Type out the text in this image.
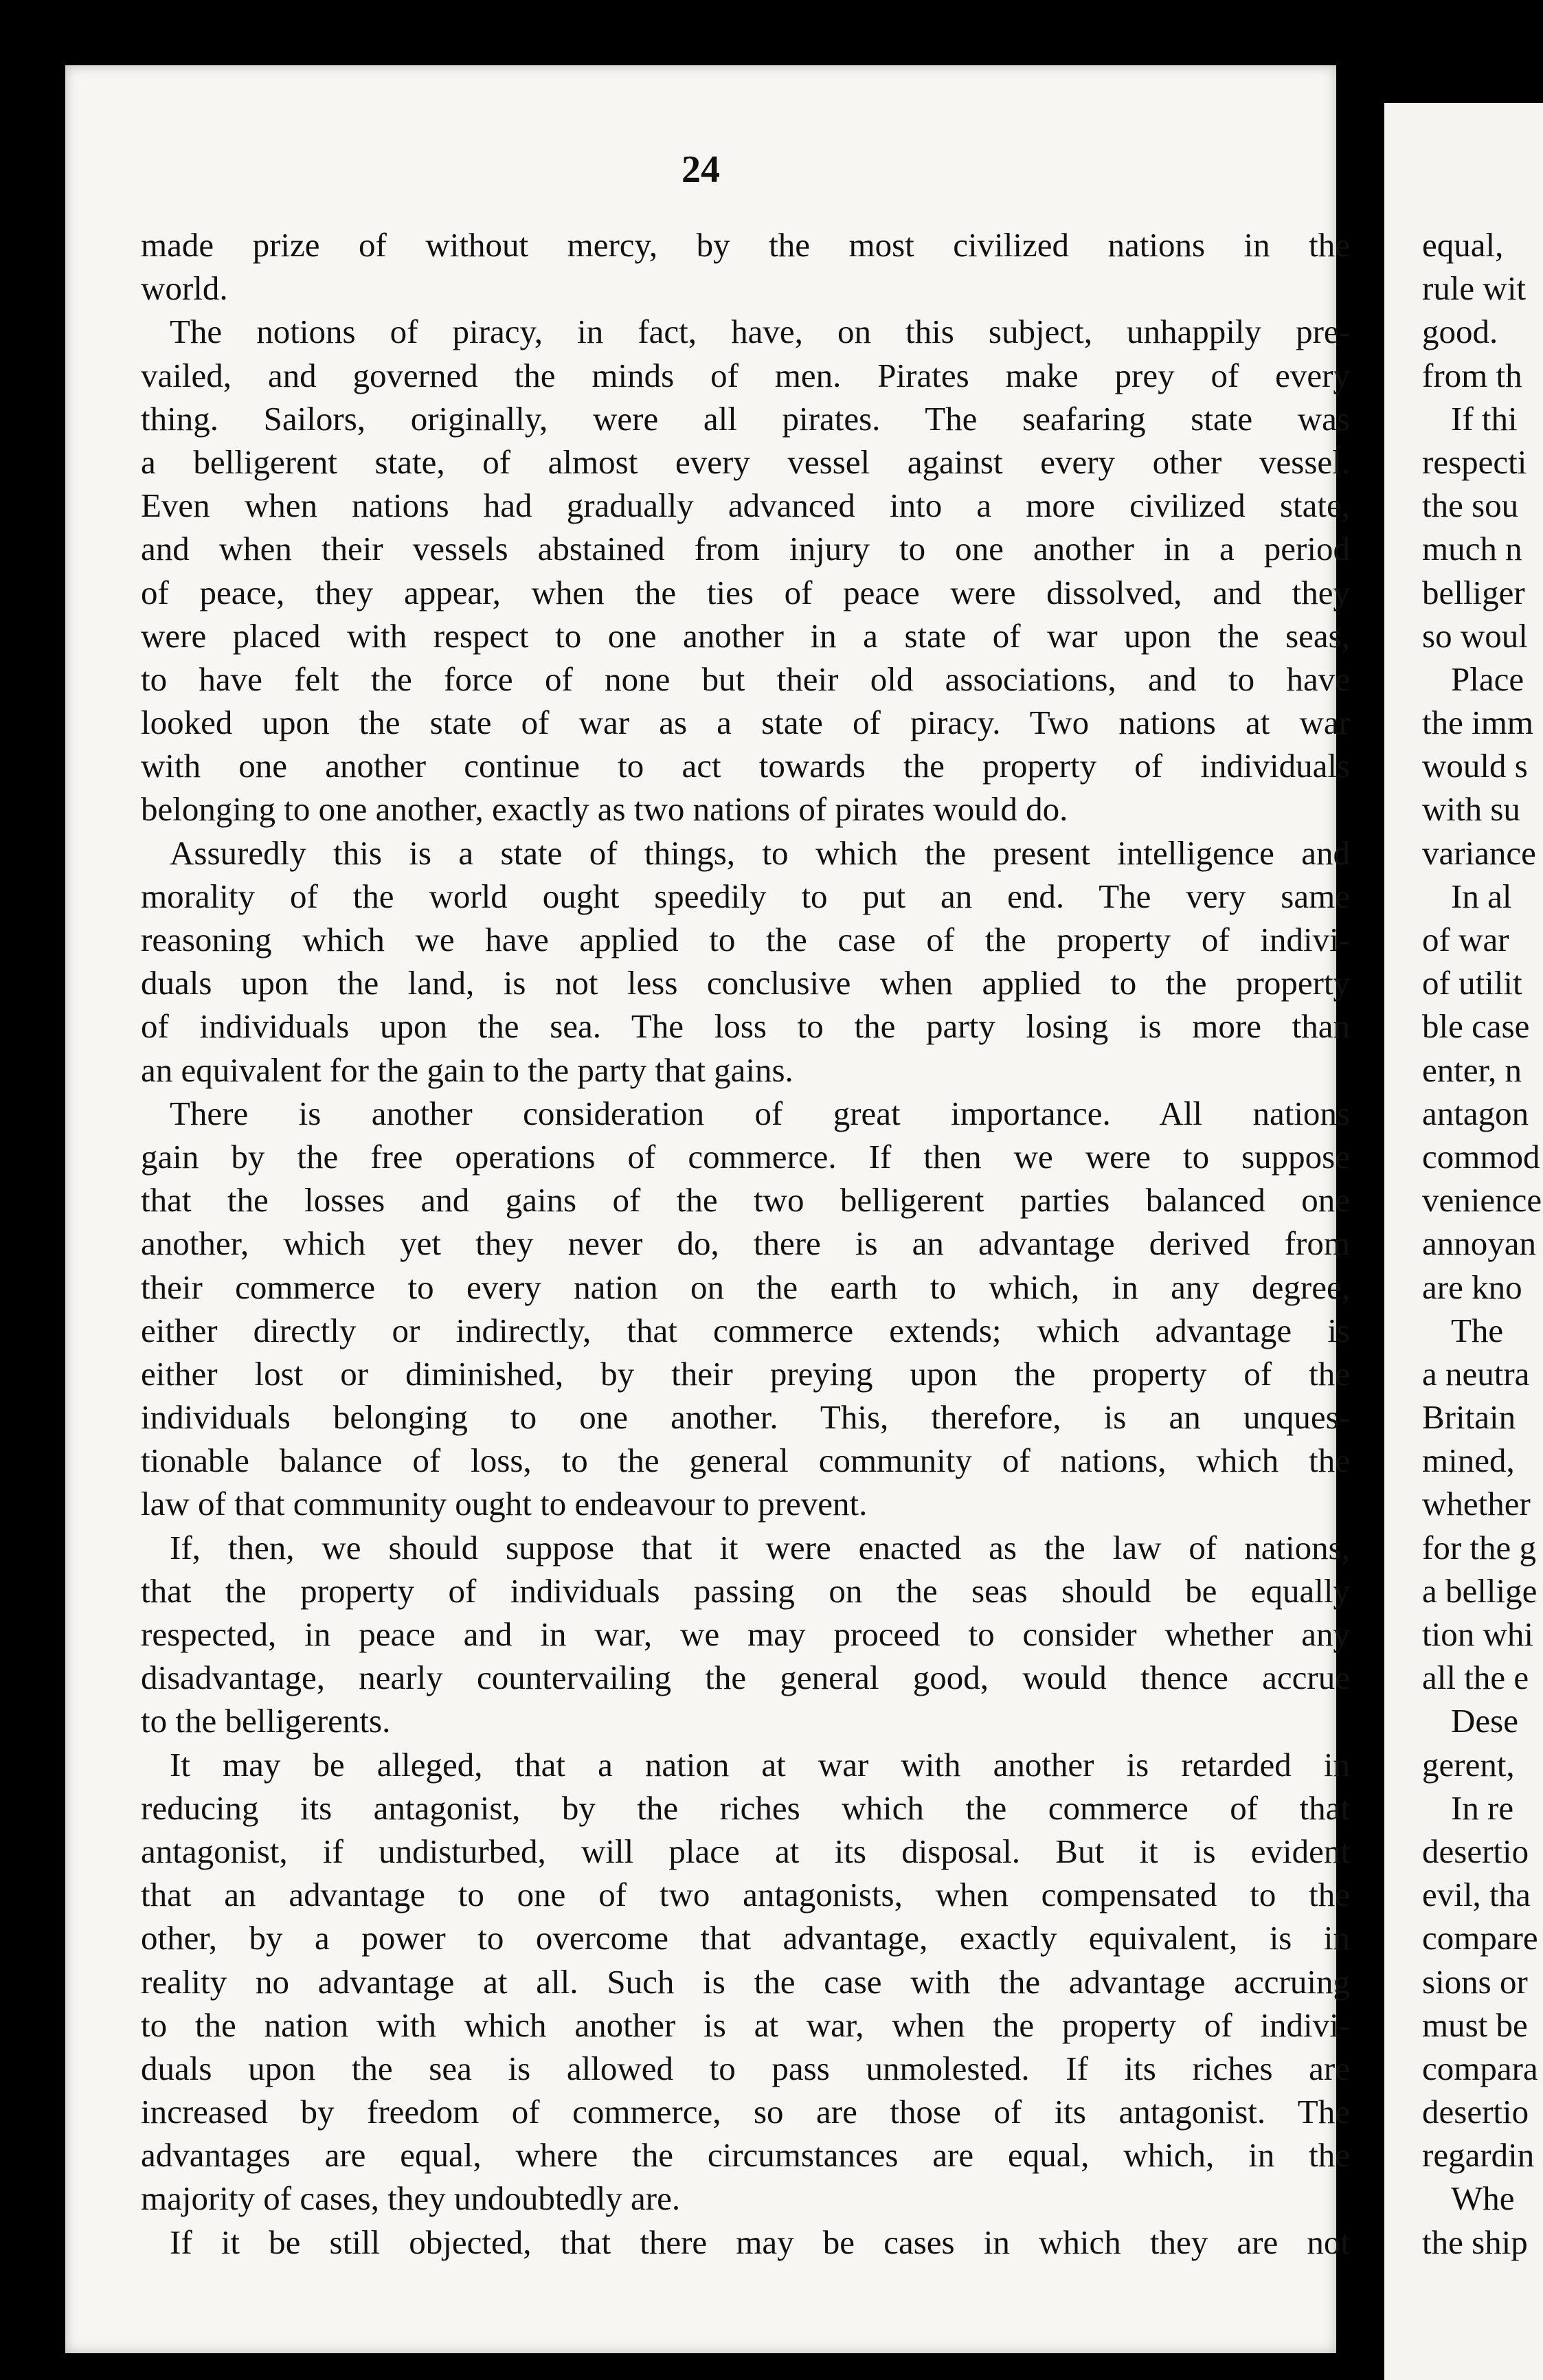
24
made prize of without mercy, by the most civilized nations in the
world.
The notions of piracy, in fact, have, on this subject, unhappily pre-
vailed, and governed the minds of men. Pirates make prey of every
thing. Sailors, originally, were all pirates. The seafaring state was
a belligerent state, of almost every vessel against every other vessel.
Even when nations had gradually advanced into a more civilized state,
and when their vessels abstained from injury to one another in a period
of peace, they appear, when the ties of peace were dissolved, and they
were placed with respect to one another in a state of war upon the seas,
to have felt the force of none but their old associations, and to have
looked upon the state of war as a state of piracy. Two nations at war
with one another continue to act towards the property of individuals
belonging to one another, exactly as two nations of pirates would do.
Assuredly this is a state of things, to which the present intelligence and
morality of the world ought speedily to put an end. The very same
reasoning which we have applied to the case of the property of indivi-
duals upon the land, is not less conclusive when applied to the property
of individuals upon the sea. The loss to the party losing is more than
an equivalent for the gain to the party that gains.
There is another consideration of great importance. All nations
gain by the free operations of commerce. If then we were to suppose
that the losses and gains of the two belligerent parties balanced one
another, which yet they never do, there is an advantage derived from
their commerce to every nation on the earth to which, in any degree,
either directly or indirectly, that commerce extends; which advantage is
either lost or diminished, by their preying upon the property of the
individuals belonging to one another. This, therefore, is an unques-
tionable balance of loss, to the general community of nations, which the
law of that community ought to endeavour to prevent.
If, then, we should suppose that it were enacted as the law of nations,
that the property of individuals passing on the seas should be equally
respected, in peace and in war, we may proceed to consider whether any
disadvantage, nearly countervailing the general good, would thence accrue
to the belligerents.
It may be alleged, that a nation at war with another is retarded in
reducing its antagonist, by the riches which the commerce of that
antagonist, if undisturbed, will place at its disposal. But it is evident
that an advantage to one of two antagonists, when compensated to the
other, by a power to overcome that advantage, exactly equivalent, is in
reality no advantage at all. Such is the case with the advantage accruing
to the nation with which another is at war, when the property of indivi-
duals upon the sea is allowed to pass unmolested. If its riches are
increased by freedom of commerce, so are those of its antagonist. The
advantages are equal, where the circumstances are equal, which, in the
majority of cases, they undoubtedly are.
If it be still objected, that there may be cases in which they are not
equal,
rule wit
good.
from th
If thi
respecti
the sou
much n
belliger
so woul
Place
the imm
would s
with su
variance
In al
of war
of utilit
ble case
enter, n
antagon
commod
venience
annoyan
are kno
The
a neutra
Britain
mined,
whether
for the g
a bellige
tion whi
all the e
Dese
gerent,
In re
desertio
evil, tha
compare
sions or
must be
compara
desertio
regardin
Whe
the ship
